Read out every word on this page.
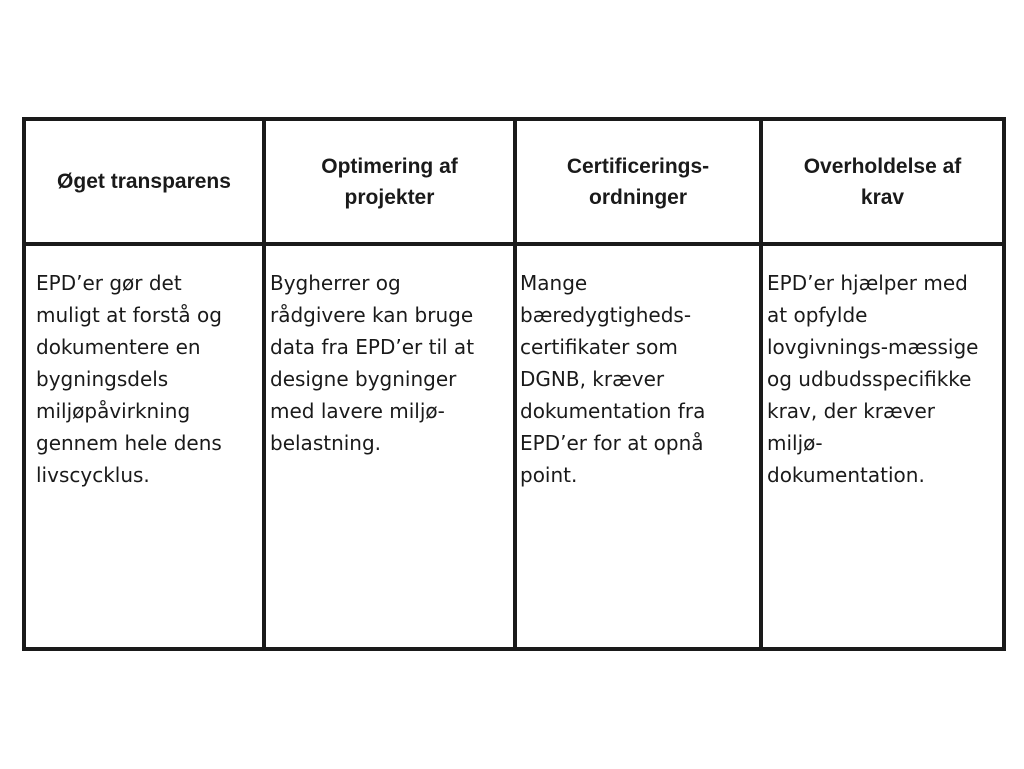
Øget transparens
Optimering af
projekter
Certificerings-
ordninger
Overholdelse af
krav
EPD’er gør det
muligt at forstå og
dokumentere en
bygningsdels
miljøpåvirkning
gennem hele dens
livscycklus.
Bygherrer og
rådgivere kan bruge
data fra EPD’er til at
designe bygninger
med lavere miljø-
belastning.
Mange
bæredygtigheds-
certifikater som
DGNB, kræver
dokumentation fra
EPD’er for at opnå
point.
EPD’er hjælper med
at opfylde
lovgivnings-mæssige
og udbudsspecifikke
krav, der kræver
miljø-
dokumentation.
